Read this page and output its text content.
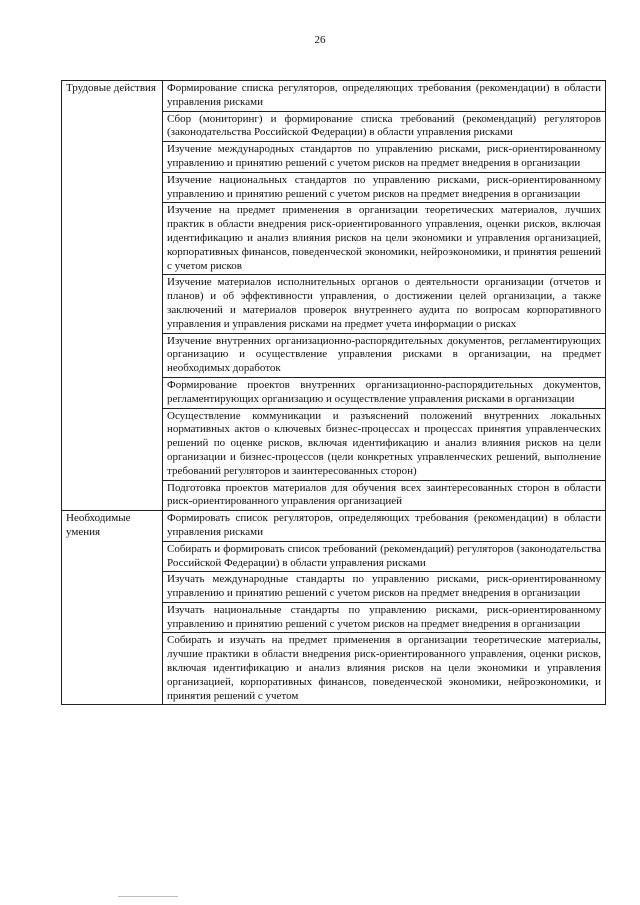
26
Трудовые действия	Формирование списка регуляторов, определяющих требования (рекомендации) в области управления рисками
	Сбор (мониторинг) и формирование списка требований (рекомендаций) регуляторов (законодательства Российской Федерации) в области управления рисками
	Изучение международных стандартов по управлению рисками, риск-ориентированному управлению и принятию решений с учетом рисков на предмет внедрения в организации
	Изучение национальных стандартов по управлению рисками, риск-ориентированному управлению и принятию решений с учетом рисков на предмет внедрения в организации
	Изучение на предмет применения в организации теоретических материалов, лучших практик в области внедрения риск-ориентированного управления, оценки рисков, включая идентификацию и анализ влияния рисков на цели экономики и управления организацией, корпоративных финансов, поведенческой экономики, нейроэкономики, и принятия решений с учетом рисков
	Изучение материалов исполнительных органов о деятельности организации (отчетов и планов) и об эффективности управления, о достижении целей организации, а также заключений и материалов проверок внутреннего аудита по вопросам корпоративного управления и управления рисками на предмет учета информации о рисках
	Изучение внутренних организационно-распорядительных документов, регламентирующих организацию и осуществление управления рисками в организации, на предмет необходимых доработок
	Формирование проектов внутренних организационно-распорядительных документов, регламентирующих организацию и осуществление управления рисками в организации
	Осуществление коммуникации и разъяснений положений внутренних локальных нормативных актов о ключевых бизнес-процессах и процессах принятия управленческих решений по оценке рисков, включая идентификацию и анализ влияния рисков на цели организации и бизнес-процессов (цели конкретных управленческих решений, выполнение требований регуляторов и заинтересованных сторон)
	Подготовка проектов материалов для обучения всех заинтересованных сторон в области риск-ориентированного управления организацией
Необходимые умения	Формировать список регуляторов, определяющих требования (рекомендации) в области управления рисками
	Собирать и формировать список требований (рекомендаций) регуляторов (законодательства Российской Федерации) в области управления рисками
	Изучать международные стандарты по управлению рисками, риск-ориентированному управлению и принятию решений с учетом рисков на предмет внедрения в организации
	Изучать национальные стандарты по управлению рисками, риск-ориентированному управлению и принятию решений с учетом рисков на предмет внедрения в организации
	Собирать и изучать на предмет применения в организации теоретические материалы, лучшие практики в области внедрения риск-ориентированного управления, оценки рисков, включая идентификацию и анализ влияния рисков на цели экономики и управления организацией, корпоративных финансов, поведенческой экономики, нейроэкономики, и принятия решений с учетом
